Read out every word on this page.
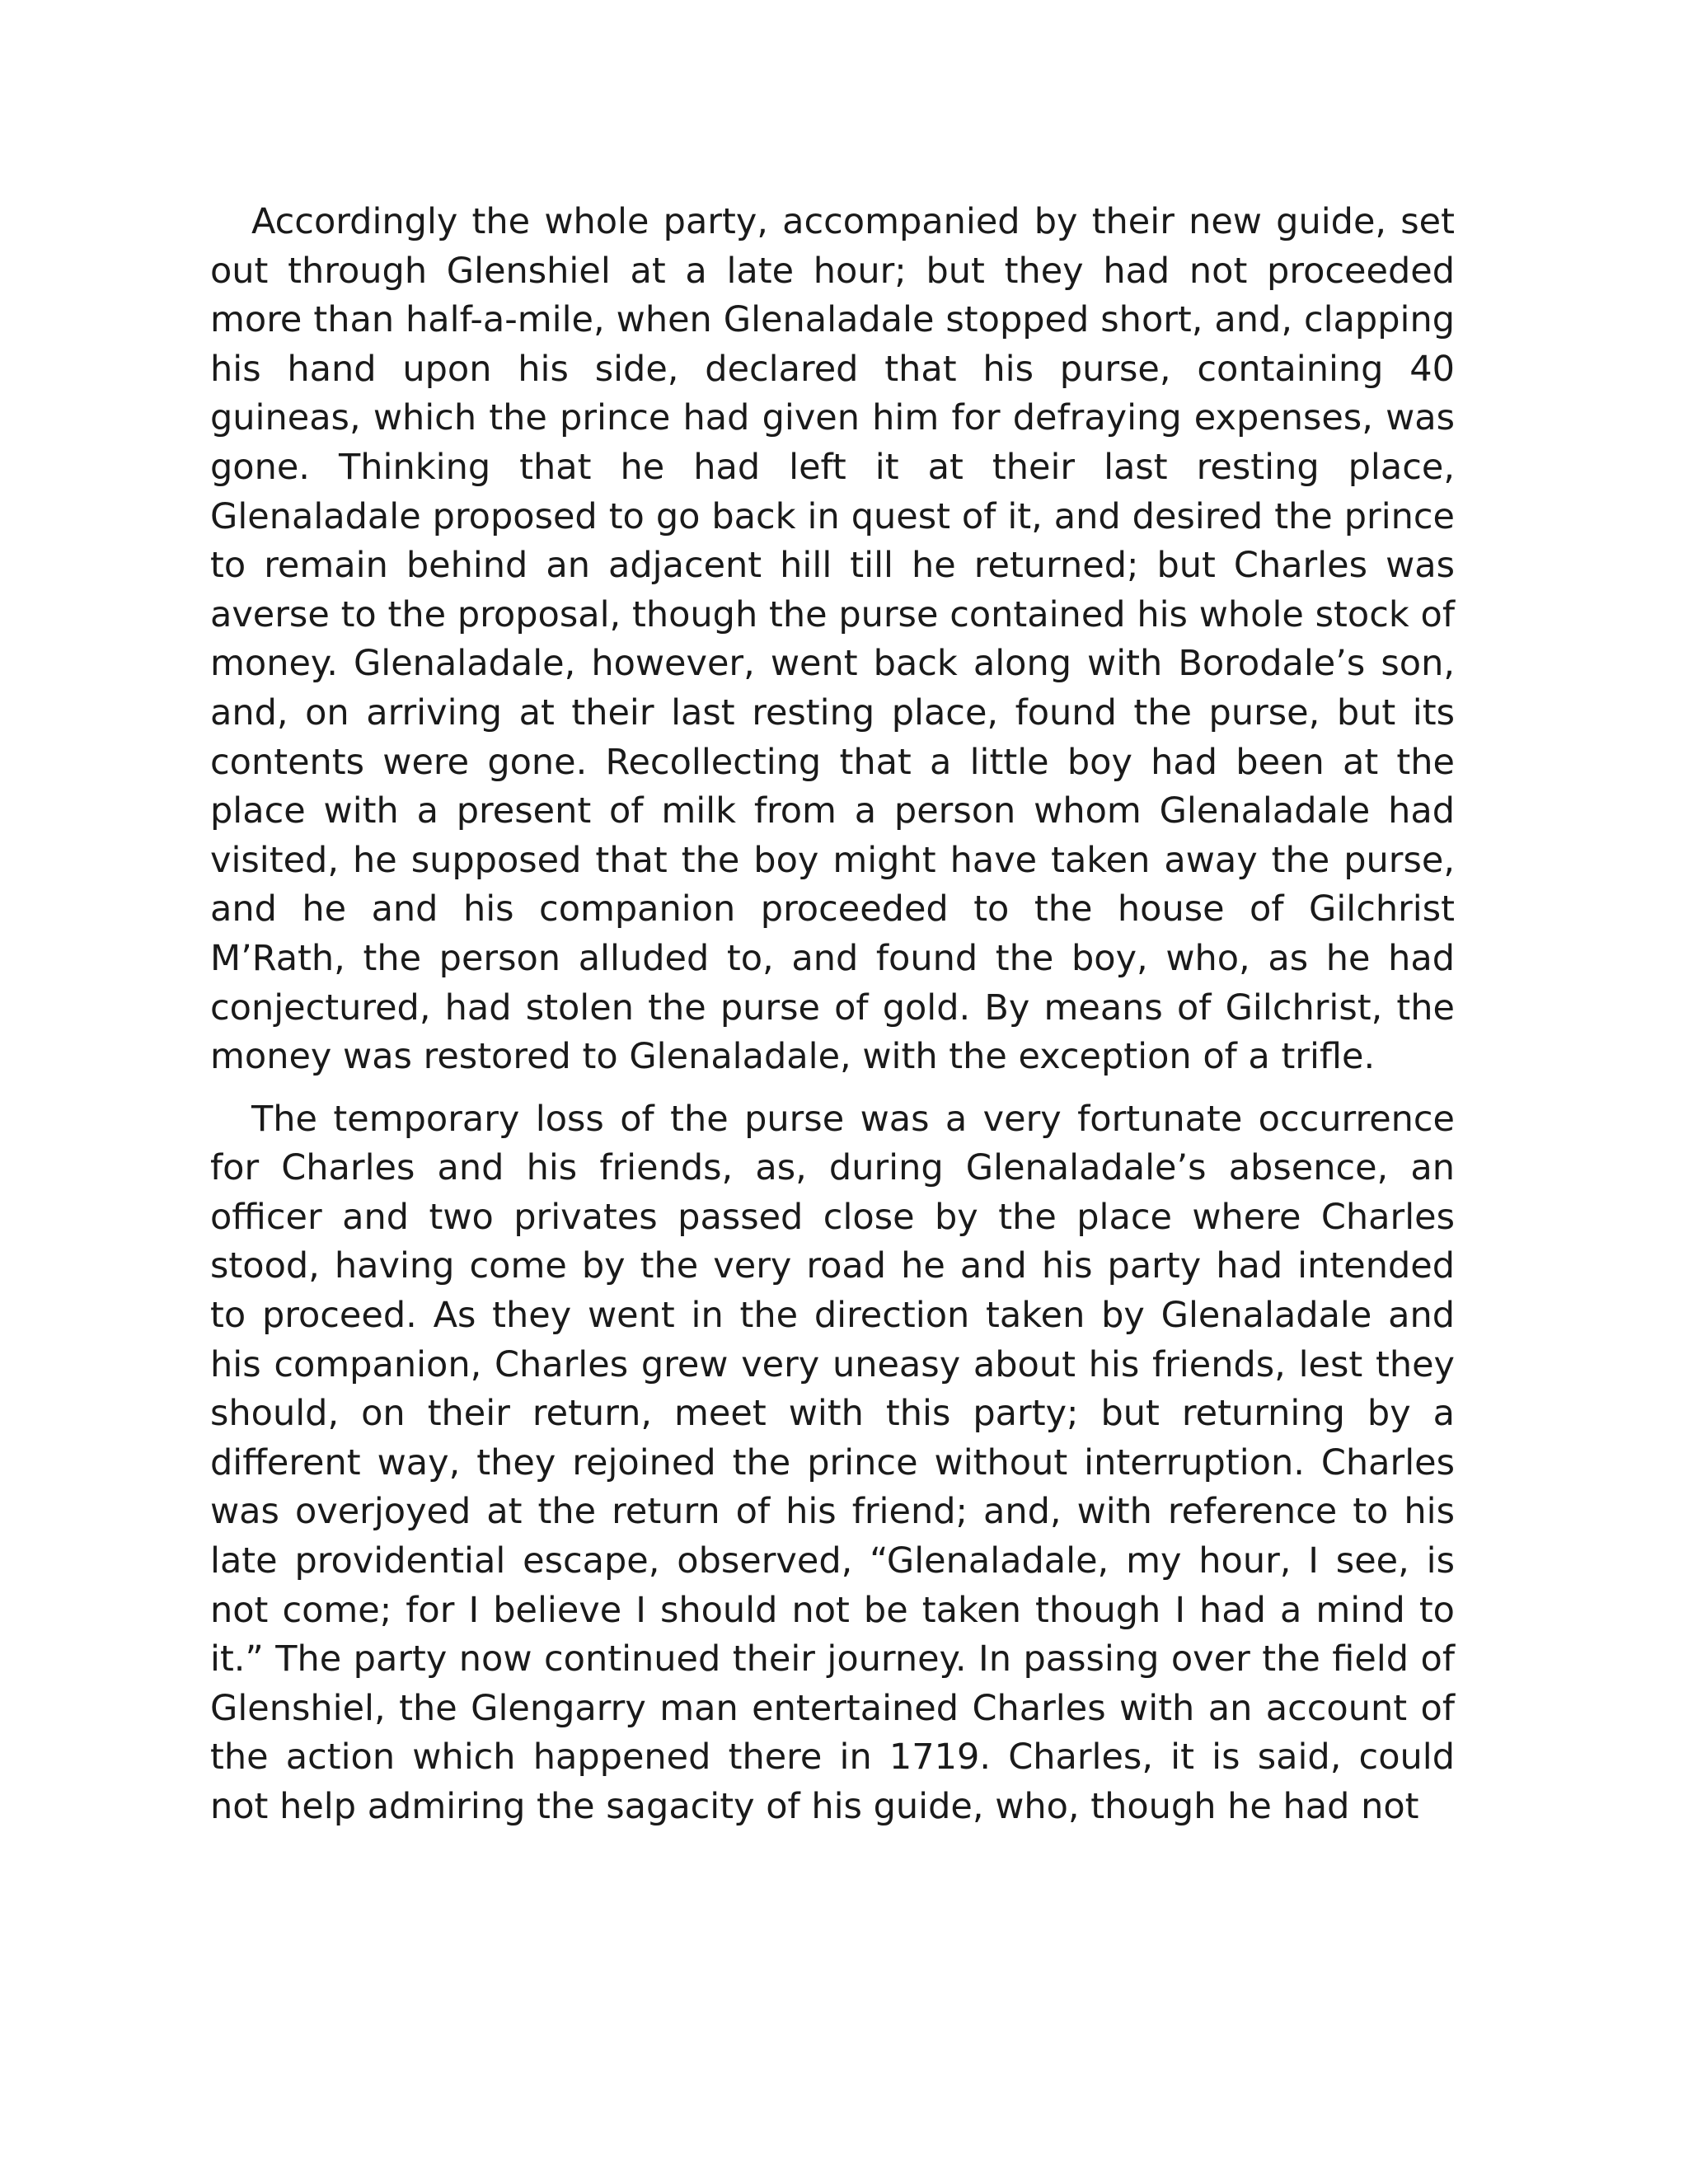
Accordingly the whole party, accompanied by their new guide, set out through Glenshiel at a late hour; but they had not proceeded more than half-a-mile, when Glenaladale stopped short, and, clapping his hand upon his side, declared that his purse, containing 40 guineas, which the prince had given him for defraying expenses, was gone. Thinking that he had left it at their last resting place, Glenaladale proposed to go back in quest of it, and desired the prince to remain behind an adjacent hill till he returned; but Charles was averse to the proposal, though the purse contained his whole stock of money. Glenaladale, however, went back along with Borodale’s son, and, on arriving at their last resting place, found the purse, but its contents were gone. Recollecting that a little boy had been at the place with a present of milk from a person whom Glenaladale had visited, he supposed that the boy might have taken away the purse, and he and his companion proceeded to the house of Gilchrist M’Rath, the person alluded to, and found the boy, who, as he had conjectured, had stolen the purse of gold. By means of Gilchrist, the money was restored to Glenaladale, with the exception of a trifle.

The temporary loss of the purse was a very fortunate occurrence for Charles and his friends, as, during Glenaladale’s absence, an officer and two privates passed close by the place where Charles stood, having come by the very road he and his party had intended to proceed. As they went in the direction taken by Glenaladale and his companion, Charles grew very uneasy about his friends, lest they should, on their return, meet with this party; but returning by a different way, they rejoined the prince without interruption. Charles was overjoyed at the return of his friend; and, with reference to his late providential escape, observed, “Glenaladale, my hour, I see, is not come; for I believe I should not be taken though I had a mind to it.” The party now continued their journey. In passing over the field of Glenshiel, the Glengarry man entertained Charles with an account of the action which happened there in 1719. Charles, it is said, could not help admiring the sagacity of his guide, who, though he had not
